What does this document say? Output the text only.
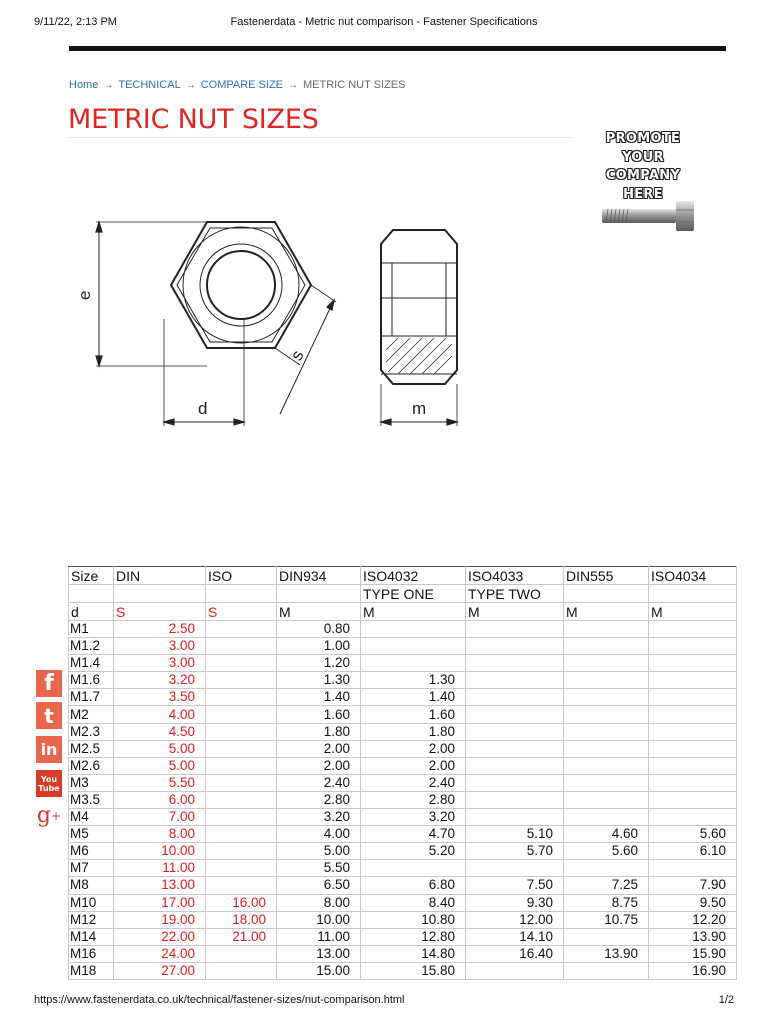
9/11/22, 2:13 PM	Fastenerdata - Metric nut comparison - Fastener Specifications
Home → TECHNICAL → COMPARE SIZE → METRIC NUT SIZES
METRIC NUT SIZES
PROMOTE
YOUR
COMPANY
HERE
e
s
d	m
f
t
in
You
Tube
g +
Size	DIN	ISO	DIN934	ISO4032	ISO4033	DIN555	ISO4034
				TYPE ONE	TYPE TWO		
d	S	S	M	M	M	M	M
M1	2.50		0.80				
M1.2	3.00		1.00				
M1.4	3.00		1.20				
M1.6	3.20		1.30	1.30			
M1.7	3.50		1.40	1.40			
M2	4.00		1.60	1.60			
M2.3	4.50		1.80	1.80			
M2.5	5.00		2.00	2.00			
M2.6	5.00		2.00	2.00			
M3	5.50		2.40	2.40			
M3.5	6.00		2.80	2.80			
M4	7.00		3.20	3.20			
M5	8.00		4.00	4.70	5.10	4.60	5.60
M6	10.00		5.00	5.20	5.70	5.60	6.10
M7	11.00		5.50				
M8	13.00		6.50	6.80	7.50	7.25	7.90
M10	17.00	16.00	8.00	8.40	9.30	8.75	9.50
M12	19.00	18.00	10.00	10.80	12.00	10.75	12.20
M14	22.00	21.00	11.00	12.80	14.10		13.90
M16	24.00		13.00	14.80	16.40	13.90	15.90
M18	27.00		15.00	15.80			16.90
https://www.fastenerdata.co.uk/technical/fastener-sizes/nut-comparison.html	1/2
